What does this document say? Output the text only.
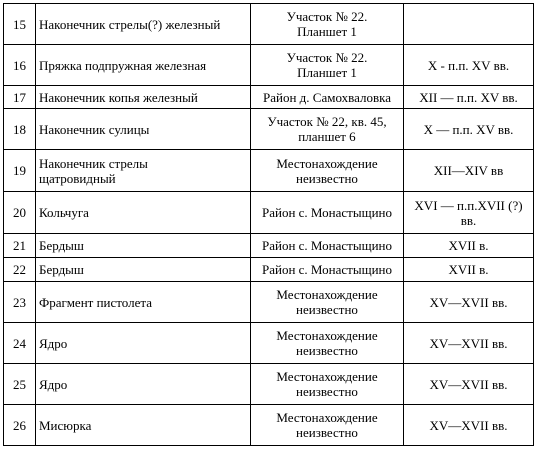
15	Наконечник стрелы(?) железный	Участок № 22.
Планшет 1	
16	Пряжка подпружная железная	Участок № 22.
Планшет 1	X - п.п. XV вв.
17	Наконечник копья железный	Район д. Самохваловка	XII — п.п. XV вв.
18	Наконечник сулицы	Участок № 22, кв. 45,
планшет 6	X — п.п. XV вв.
19	Наконечник стрелы
щатровидный	Местонахождение
неизвестно	XII—XIV вв
20	Кольчуга	Район с. Монастыщино	XVI — п.п.XVII (?)
вв.
21	Бердыш	Район с. Монастыщино	XVII в.
22	Бердыш	Район с. Монастыщино	XVII в.
23	Фрагмент пистолета	Местонахождение
неизвестно	XV—XVII вв.
24	Ядро	Местонахождение
неизвестно	XV—XVII вв.
25	Ядро	Местонахождение
неизвестно	XV—XVII вв.
26	Мисюрка	Местонахождение
неизвестно	XV—XVII вв.
